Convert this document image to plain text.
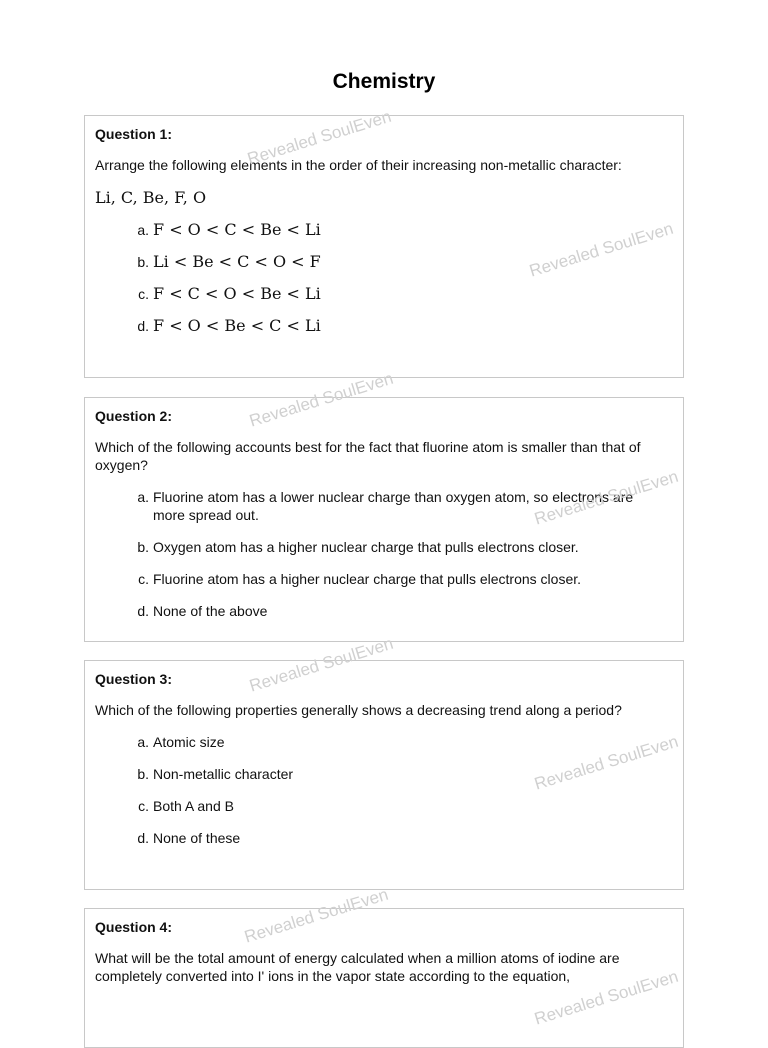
Chemistry
Question 1:
Arrange the following elements in the order of their increasing non-metallic character:
Li, C, Be, F, O
a. F < O < C < Be < Li
b. Li < Be < C < O < F
c. F < C < O < Be < Li
d. F < O < Be < C < Li
Question 2:
Which of the following accounts best for the fact that fluorine atom is smaller than that of oxygen?
a. Fluorine atom has a lower nuclear charge than oxygen atom, so electrons are more spread out.
b. Oxygen atom has a higher nuclear charge that pulls electrons closer.
c. Fluorine atom has a higher nuclear charge that pulls electrons closer.
d. None of the above
Question 3:
Which of the following properties generally shows a decreasing trend along a period?
a. Atomic size
b. Non-metallic character
c. Both A and B
d. None of these
Question 4:
What will be the total amount of energy calculated when a million atoms of iodine are completely converted into I' ions in the vapor state according to the equation,
Revealed SoulEven
Revealed SoulEven
Revealed SoulEven
Revealed SoulEven
Revealed SoulEven
Revealed SoulEven
Revealed SoulEven
Revealed SoulEven
